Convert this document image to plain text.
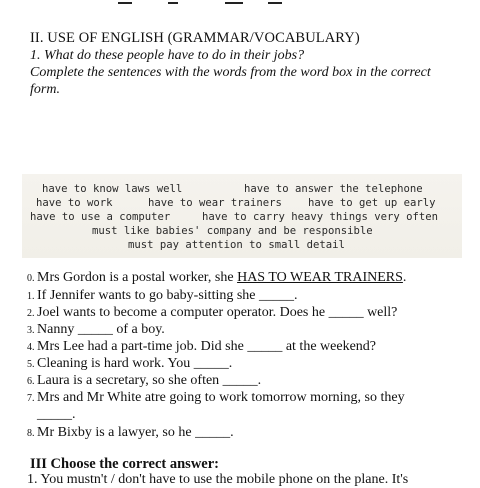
II. USE OF ENGLISH (GRAMMAR/VOCABULARY)
1. What do these people have to do in their jobs?
Complete the sentences with the words from the word box in the correct
form.
have to know laws well	have to answer the telephone
have to work	have to wear trainers have to get up early
have to use a computer	have to carry heavy things very often
must like babies' company and be responsible
must pay attention to small detail
0. Mrs Gordon is a postal worker, she HAS TO WEAR TRAINERS.
1. If Jennifer wants to go baby-sitting she _____.
2. Joel wants to become a computer operator. Does he _____ well?
3. Nanny _____ of a boy.
4. Mrs Lee had a part-time job. Did she _____ at the weekend?
5. Cleaning is hard work. You _____.
6. Laura is a secretary, so she often _____.
7. Mrs and Mr White atre going to work tomorrow morning, so they
_____.
8. Mr Bixby is a lawyer, so he _____.
III Choose the correct answer:
1. You mustn't / don't have to use the mobile phone on the plane. It's
